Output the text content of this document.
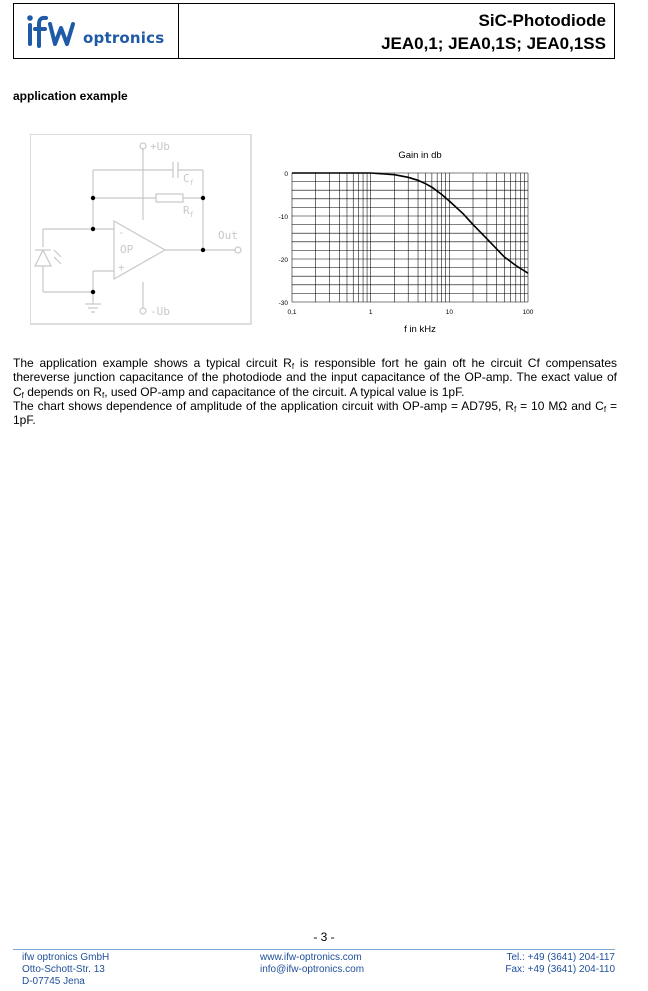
optronics
SiC-Photodiode
JEA0,1; JEA0,1S; JEA0,1SS
application example
+Ub
-Ub
$C_f$
$R_f$
OP
-
+
Out
0
-10
-20
-30
0,1	1	10	100
Gain in db
f in kHz

The application example shows a typical circuit $R_f$ is responsible fort he gain oft he circuit Cf compensates thereverse junction capacitance of the photodiode and the input capacitance of the OP-amp. The exact value of $C_f$ depends on $R_f$, used OP-amp and capacitance of the circuit. A typical value is 1pF.

The chart shows dependence of amplitude of the application circuit with OP-amp = AD795, $R_f = 10$ MΩ and $C_f = 1pF$.

- 3 -
ifw optronics GmbH
Otto-Schott-Str. 13
D-07745 Jena
www.ifw-optronics.com
info@ifw-optronics.com
Tel.: +49 (3641) 204-117
Fax: +49 (3641) 204-110
